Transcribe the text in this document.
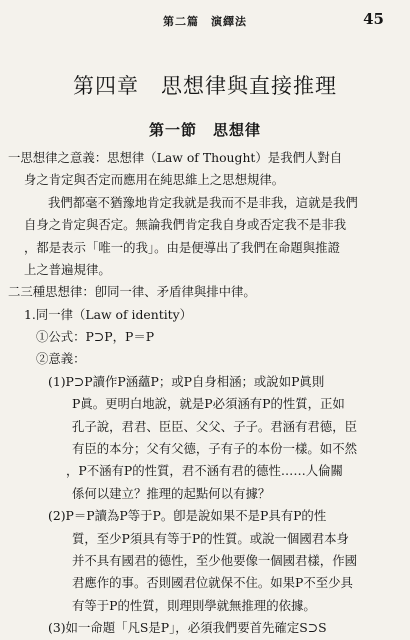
第二篇　演繹法	45
第四章　思想律與直接推理
第一節　思想律
一思想律之意義：思想律（Law of Thought）是我們人對自
身之肯定與否定而應用在純思維上之思想規律。
我們都毫不猶豫地肯定我就是我而不是非我，這就是我們
自身之肯定與否定。無論我們肯定我自身或否定我不是非我
，都是表示「唯一的我」。由是便導出了我們在命題與推證
上之普遍規律。
二三種思想律：卽同一律、矛盾律與排中律。
1.同一律（Law of identity）
①公式：P⊃P，P＝P
②意義：
(1)P⊃P讀作P涵蘊P；或P自身相涵；或說如P眞則
P眞。更明白地說，就是P必須涵有P的性質，正如
孔子說，君君、臣臣、父父、子子。君涵有君德，臣
有臣的本分；父有父德，子有子的本份一樣。如不然
，P不涵有P的性質，君不涵有君的德性……人倫關
係何以建立？推理的起點何以有據？
(2)P＝P讀為P等于P。卽是說如果不是P具有P的性
質，至少P須具有等于P的性質。或說一個國君本身
并不具有國君的德性，至少他要像一個國君樣，作國
君應作的事。否則國君位就保不住。如果P不至少具
有等于P的性質，則理則學就無推理的依據。
(3)如一命題「凡S是P」，必須我們要首先確定S⊃S
